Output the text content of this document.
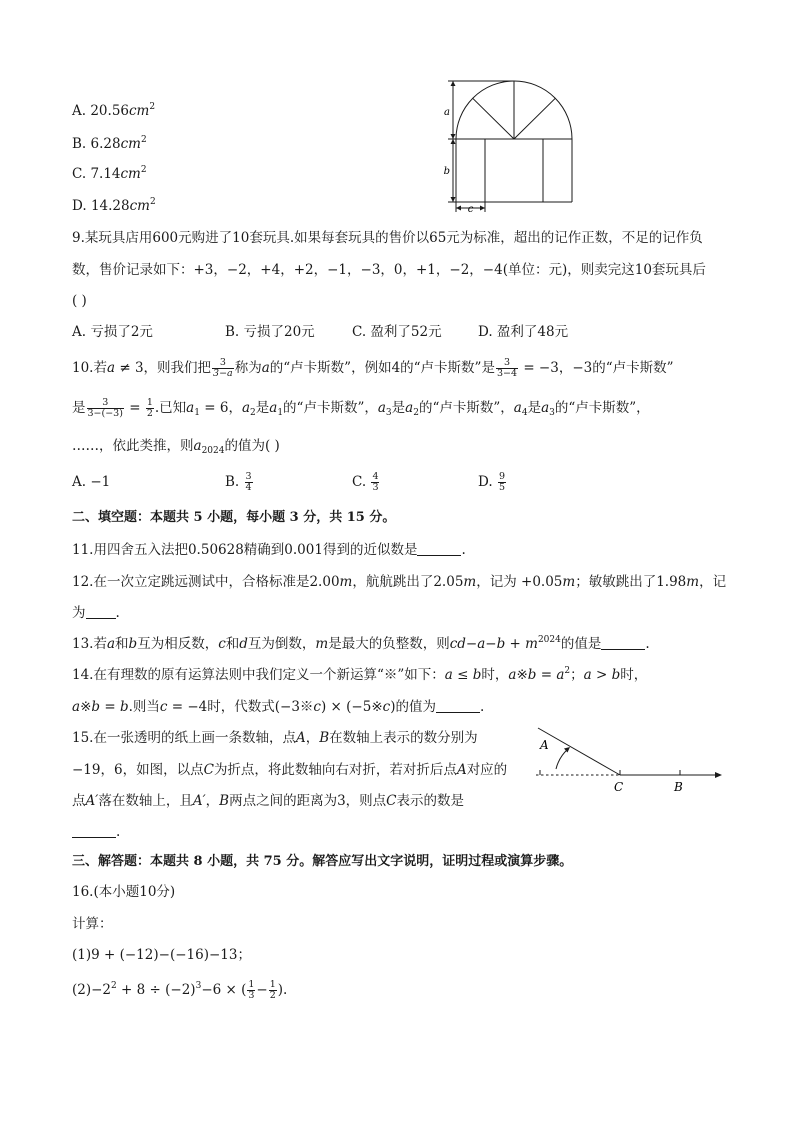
A. $20.56cm^2$
B. $6.28cm^2$
C. $7.14cm^2$
D. $14.28cm^2$
a
b
c
9.某玩具店用600元购进了10套玩具.如果每套玩具的售价以65元为标准，超出的记作正数，不足的记作负
数，售价记录如下：+3，−2，+4，+2，−1，−3，0，+1，−2，−4(单位：元)，则卖完这10套玩具后
( )
A. 亏损了2元	B. 亏损了20元	C. 盈利了52元	D. 盈利了48元
10.若a ≠ 3，则我们把 $\frac{3}{3-a}$ 称为a的“卢卡斯数”，例如4的“卢卡斯数”是 $\frac{3}{3-4} = -3$，−3的“卢卡斯数”
是 $\frac{3}{3-(-3)} = \frac{1}{2}$ .已知$a_1 = 6$，$a_2$是$a_1$的“卢卡斯数”，$a_3$是$a_2$的“卢卡斯数”，$a_4$是$a_3$的“卢卡斯数”，
……，依此类推，则$a_{2024}$的值为( )
A. −1	B. $\frac{3}{4}$	C. $\frac{4}{3}$	D. $\frac{9}{5}$
二、填空题：本题共 5 小题，每小题 3 分，共 15 分。
11.用四舍五入法把0.50628精确到0.001得到的近似数是	.
12.在一次立定跳远测试中，合格标准是2.00m，航航跳出了2.05m，记为 +0.05m；敏敏跳出了1.98m，记
为 .
13.若a和b互为相反数，c和d互为倒数，m是最大的负整数，则$cd-a-b + m^{2024}$的值是	.
14.在有理数的原有运算法则中我们定义一个新运算“※”如下：a ≤ b时，a※b = $a^2$；a > b时，
a※b = b.则当c = −4时，代数式(−3※c) × (−5※c)的值为	.
15.在一张透明的纸上画一条数轴，点A，B在数轴上表示的数分别为
−19，6，如图，以点C为折点，将此数轴向右对折，若对折后点A对应的
点A′落在数轴上，且A′，B两点之间的距离为3，则点C表示的数是
.
A
C	B
三、解答题：本题共 8 小题，共 75 分。解答应写出文字说明，证明过程或演算步骤。
16.(本小题10分)
计算：
(1)9 + (−12)−(−16)−13；
$(2)-2^2 + 8 \div (-2)^3-6$ × ( $\frac{1}{3} - \frac{1}{2}$ ).
